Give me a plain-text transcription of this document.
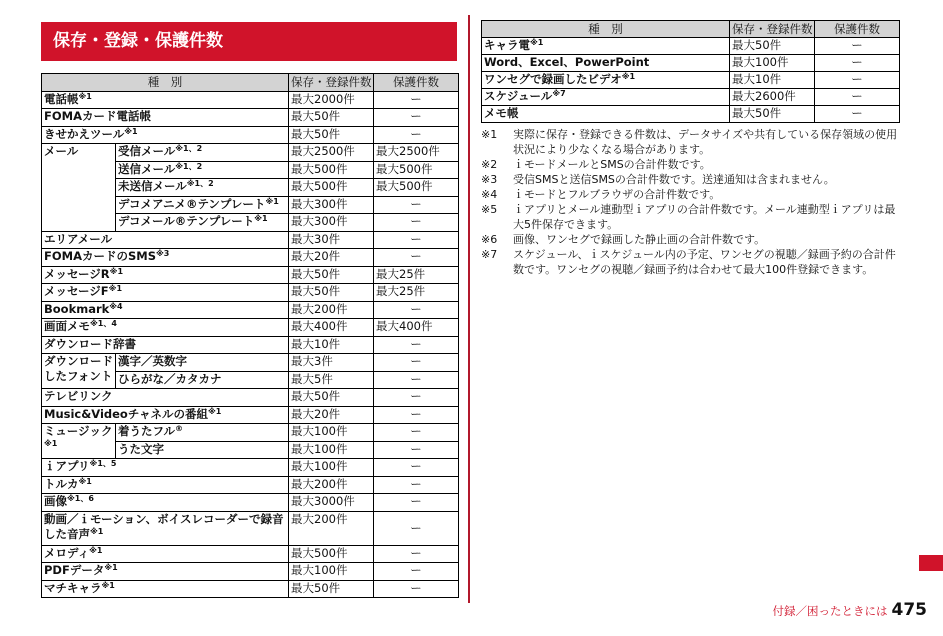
保存・登録・保護件数
種　別		保存・登録件数	保護件数
電話帳$^{※1}$		最大2000件	ー
FOMAカード電話帳		最大50件	ー
きせかえツール$^{※1}$		最大50件	ー
メール	受信メール$^{※1、2}$	最大2500件	最大2500件
	送信メール$^{※1、2}$	最大500件	最大500件
	未送信メール$^{※1、2}$	最大500件	最大500件
	デコメアニメ®テンプレート$^{※1}$	最大300件	ー
	デコメール®テンプレート$^{※1}$	最大300件	ー
エリアメール		最大30件	ー
FOMAカードのSMS$^{※3}$		最大20件	ー
メッセージ$R^{※1}$		最大50件	最大25件
メッセージ$F^{※1}$		最大50件	最大25件
Bookmark$^{※4}$		最大200件	ー
画面メモ$^{※1、4}$		最大400件	最大400件
ダウンロード辞書		最大10件	ー

ダウンロード
したフォント	漢字／英数字	最大3件	ー
	ひらがな／カタカナ	最大5件	ー
テレビリンク		最大50件	ー
Music&Videoチャネルの番組$^{※1}$		最大20件	ー

ミュージック
$^{※1}$	着うたフル®	最大100件	ー
	うた文字	最大100件	ー
ｉアプリ$^{※1、5}$		最大100件	ー
トルカ$^{※1}$		最大200件	ー
画像$^{※1、6}$		最大3000件	ー

動画／ｉモーション、ボイスレコーダーで録音
した音声$^{※1}$		最大200件	ー
メロディ$^{※1}$		最大500件	ー
PDFデータ$^{※1}$		最大100件	ー
マチキャラ$^{※1}$		最大50件	ー
種　別	保存・登録件数	保護件数
キャラ電$^{※1}$	最大50件	ー
Word、Excel、PowerPoint	最大100件	ー
ワンセグで録画したビデオ$^{※1}$	最大10件	ー
スケジュール$^{※7}$	最大2600件	ー
メモ帳	最大50件	ー
※1	実際に保存・登録できる件数は、データサイズや共有している保存領域の使用状況により少なくなる場合があります。
※2	ｉモードメールとSMSの合計件数です。
※3	受信SMSと送信SMSの合計件数です。送達通知は含まれません。
※4	ｉモードとフルブラウザの合計件数です。
※5	ｉアプリとメール連動型ｉアプリの合計件数です。メール連動型ｉアプリは最大5件保存できます。
※6	画像、ワンセグで録画した静止画の合計件数です。
※7	スケジュール、ｉスケジュール内の予定、ワンセグの視聴／録画予約の合計件数です。ワンセグの視聴／録画予約は合わせて最大100件登録できます。
付録／困ったときには 475
